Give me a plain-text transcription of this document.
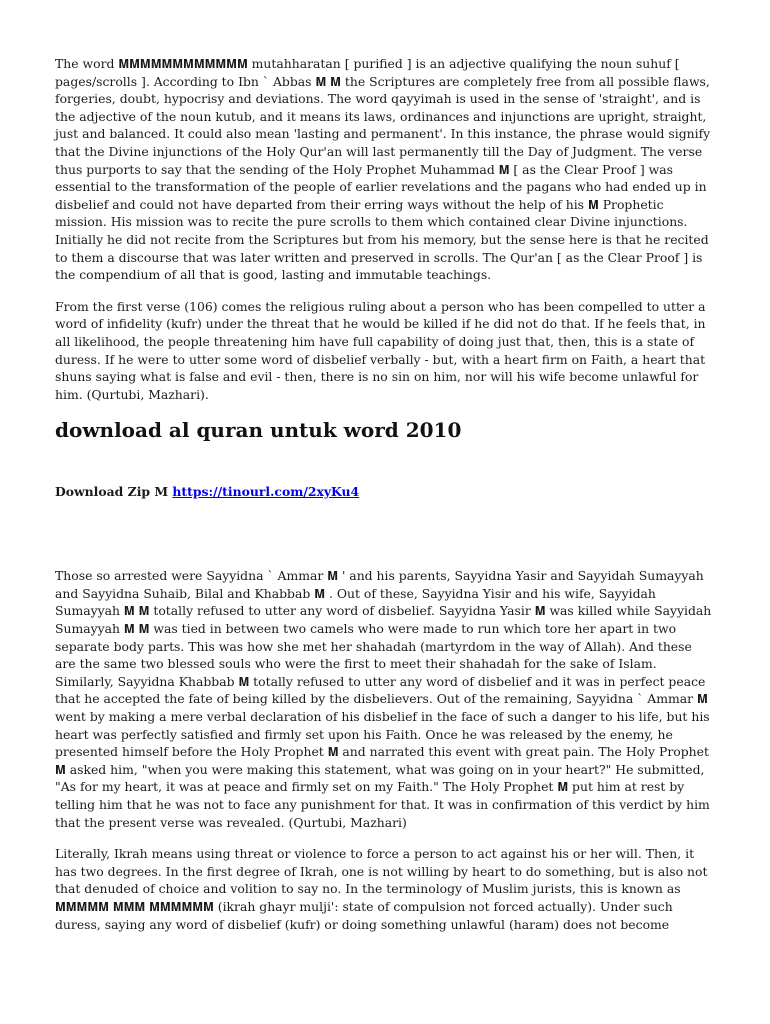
The word 𝐌𝐌𝐌𝐌𝐌𝐌𝐌𝐌𝐌𝐌𝐌𝐌 mutahharatan [ purified ] is an adjective qualifying the noun suhuf [ pages/scrolls ]. According to Ibn ` Abbas 𝐌 𝐌 the Scriptures are completely free from all possible flaws, forgeries, doubt, hypocrisy and deviations. The word qayyimah is used in the sense of 'straight', and is the adjective of the noun kutub, and it means its laws, ordinances and injunctions are upright, straight, just and balanced. It could also mean 'lasting and permanent'. In this instance, the phrase would signify that the Divine injunctions of the Holy Qur'an will last permanently till the Day of Judgment. The verse thus purports to say that the sending of the Holy Prophet Muhammad 𝐌 [ as the Clear Proof ] was essential to the transformation of the people of earlier revelations and the pagans who had ended up in disbelief and could not have departed from their erring ways without the help of his 𝐌 Prophetic mission. His mission was to recite the pure scrolls to them which contained clear Divine injunctions. Initially he did not recite from the Scriptures but from his memory, but the sense here is that he recited to them a discourse that was later written and preserved in scrolls. The Qur'an [ as the Clear Proof ] is the compendium of all that is good, lasting and immutable teachings.

From the first verse (106) comes the religious ruling about a person who has been compelled to utter a word of infidelity (kufr) under the threat that he would be killed if he did not do that. If he feels that, in all likelihood, the people threatening him have full capability of doing just that, then, this is a state of duress. If he were to utter some word of disbelief verbally - but, with a heart firm on Faith, a heart that shuns saying what is false and evil - then, there is no sin on him, nor will his wife become unlawful for him. (Qurtubi, Mazhari).

download al quran untuk word 2010
Download Zip 𝐌 https://tinourl.com/2xyKu4

Those so arrested were Sayyidna ` Ammar 𝐌 ' and his parents, Sayyidna Yasir and Sayyidah Sumayyah and Sayyidna Suhaib, Bilal and Khabbab 𝐌 . Out of these, Sayyidna Yisir and his wife, Sayyidah Sumayyah 𝐌 𝐌 totally refused to utter any word of disbelief. Sayyidna Yasir 𝐌 was killed while Sayyidah Sumayyah 𝐌 𝐌 was tied in between two camels who were made to run which tore her apart in two separate body parts. This was how she met her shahadah (martyrdom in the way of Allah). And these are the same two blessed souls who were the first to meet their shahadah for the sake of Islam. Similarly, Sayyidna Khabbab 𝐌 totally refused to utter any word of disbelief and it was in perfect peace that he accepted the fate of being killed by the disbelievers. Out of the remaining, Sayyidna ` Ammar 𝐌 went by making a mere verbal declaration of his disbelief in the face of such a danger to his life, but his heart was perfectly satisfied and firmly set upon his Faith. Once he was released by the enemy, he presented himself before the Holy Prophet 𝐌 and narrated this event with great pain. The Holy Prophet 𝐌 asked him, "when you were making this statement, what was going on in your heart?" He submitted, "As for my heart, it was at peace and firmly set on my Faith." The Holy Prophet 𝐌 put him at rest by telling him that he was not to face any punishment for that. It was in confirmation of this verdict by him that the present verse was revealed. (Qurtubi, Mazhari)

Literally, Ikrah means using threat or violence to force a person to act against his or her will. Then, it has two degrees. In the first degree of Ikrah, one is not willing by heart to do something, but is also not that denuded of choice and volition to say no. In the terminology of Muslim jurists, this is known as 𝐌𝐌𝐌𝐌𝐌 𝐌𝐌𝐌 𝐌𝐌𝐌𝐌𝐌𝐌 (ikrah ghayr mulji': state of compulsion not forced actually). Under such duress, saying any word of disbelief (kufr) or doing something unlawful (haram) does not become
